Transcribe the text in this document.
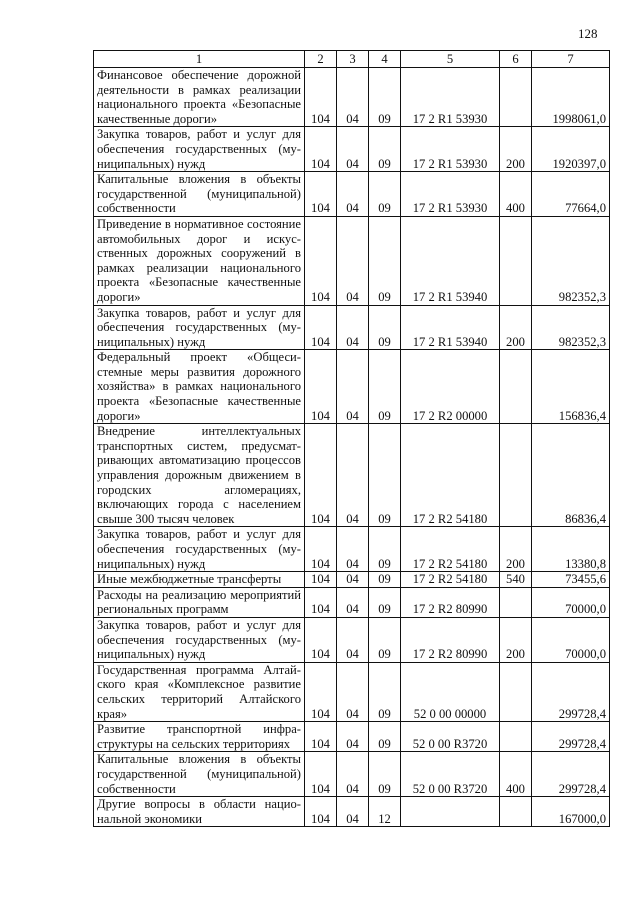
128
1	2	3	4	5	6	7
Финансовое обеспечение дорожной деятельности в рамках реализации национального проекта «Безопасные качественные дороги»	104	04	09	17 2 R1 53930		1998061,0
Закупка товаров, работ и услуг для обеспечения государственных (муниципальных) нужд	104	04	09	17 2 R1 53930	200	1920397,0
Капитальные вложения в объекты государственной (муниципальной) собственности	104	04	09	17 2 R1 53930	400	77664,0
Приведение в нормативное состояние автомобильных дорог и искусственных дорожных сооружений в рамках реализации национального проекта «Безопасные качественные дороги»	104	04	09	17 2 R1 53940		982352,3
Закупка товаров, работ и услуг для обеспечения государственных (муниципальных) нужд	104	04	09	17 2 R1 53940	200	982352,3
Федеральный проект «Общесистемные меры развития дорожного хозяйства» в рамках национального проекта «Безопасные качественные дороги»	104	04	09	17 2 R2 00000		156836,4
Внедрение интеллектуальных транспортных систем, предусматривающих автоматизацию процессов управления дорожным движением в городских агломерациях, включающих города с населением свыше 300 тысяч человек	104	04	09	17 2 R2 54180		86836,4
Закупка товаров, работ и услуг для обеспечения государственных (муниципальных) нужд	104	04	09	17 2 R2 54180	200	13380,8
Иные межбюджетные трансферты	104	04	09	17 2 R2 54180	540	73455,6
Расходы на реализацию мероприятий региональных программ	104	04	09	17 2 R2 80990		70000,0
Закупка товаров, работ и услуг для обеспечения государственных (муниципальных) нужд	104	04	09	17 2 R2 80990	200	70000,0
Государственная программа Алтайского края «Комплексное развитие сельских территорий Алтайского края»	104	04	09	52 0 00 00000		299728,4
Развитие транспортной инфраструктуры на сельских территориях	104	04	09	52 0 00 R3720		299728,4
Капитальные вложения в объекты государственной (муниципальной) собственности	104	04	09	52 0 00 R3720	400	299728,4
Другие вопросы в области национальной экономики	104	04	12			167000,0
